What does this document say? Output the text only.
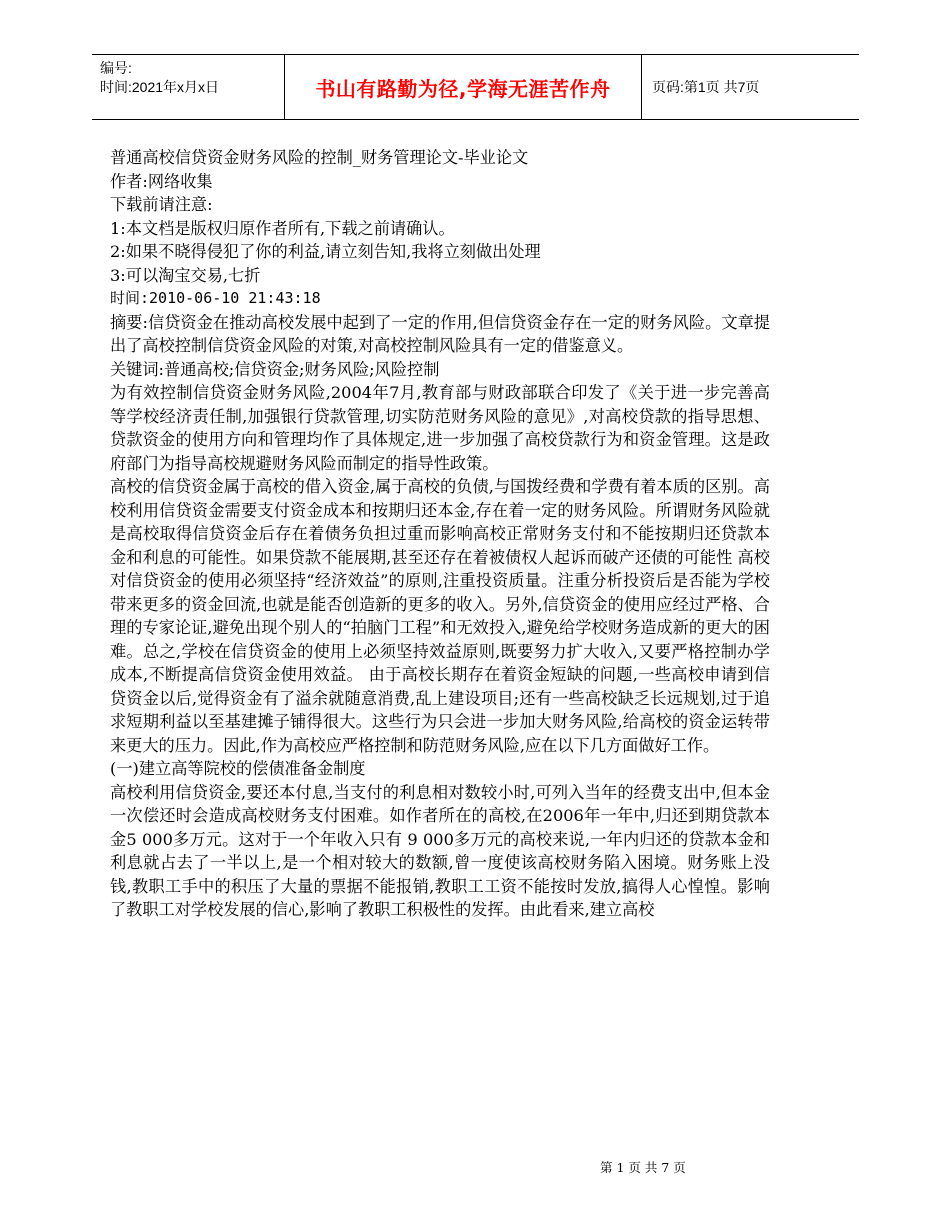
编号:
时间:2021年x月x日	书山有路勤为径,学海无涯苦作舟	页码:第1页 共7页

普通高校信贷资金财务风险的控制_财务管理论文-毕业论文

作者:网络收集

下载前请注意:

1:本文档是版权归原作者所有,下载之前请确认。

2:如果不晓得侵犯了你的利益,请立刻告知,我将立刻做出处理

3:可以淘宝交易,七折

时间:2010-06-10 21:43:18

摘要:信贷资金在推动高校发展中起到了一定的作用,但信贷资金存在一定的财务风险。文章提出了高校控制信贷资金风险的对策,对高校控制风险具有一定的借鉴意义。

关键词:普通高校;信贷资金;财务风险;风险控制

为有效控制信贷资金财务风险,2004年7月,教育部与财政部联合印发了《关于进一步完善高等学校经济责任制,加强银行贷款管理,切实防范财务风险的意见》,对高校贷款的指导思想、贷款资金的使用方向和管理均作了具体规定,进一步加强了高校贷款行为和资金管理。这是政府部门为指导高校规避财务风险而制定的指导性政策。

高校的信贷资金属于高校的借入资金,属于高校的负债,与国拨经费和学费有着本质的区别。高校利用信贷资金需要支付资金成本和按期归还本金,存在着一定的财务风险。所谓财务风险就是高校取得信贷资金后存在着债务负担过重而影响高校正常财务支付和不能按期归还贷款本金和利息的可能性。如果贷款不能展期,甚至还存在着被债权人起诉而破产还债的可能性 高校对信贷资金的使用必须坚持“经济效益”的原则,注重投资质量。注重分析投资后是否能为学校带来更多的资金回流,也就是能否创造新的更多的收入。另外,信贷资金的使用应经过严格、合理的专家论证,避免出现个别人的“拍脑门工程”和无效投入,避免给学校财务造成新的更大的困难。总之,学校在信贷资金的使用上必须坚持效益原则,既要努力扩大收入,又要严格控制办学成本,不断提高信贷资金使用效益。 由于高校长期存在着资金短缺的问题,一些高校申请到信贷资金以后,觉得资金有了溢余就随意消费,乱上建设项目;还有一些高校缺乏长远规划,过于追求短期利益以至基建摊子铺得很大。这些行为只会进一步加大财务风险,给高校的资金运转带来更大的压力。因此,作为高校应严格控制和防范财务风险,应在以下几方面做好工作。

(一)建立高等院校的偿债准备金制度

高校利用信贷资金,要还本付息,当支付的利息相对数较小时,可列入当年的经费支出中,但本金一次偿还时会造成高校财务支付困难。如作者所在的高校,在2006年一年中,归还到期贷款本金5 000多万元。这对于一个年收入只有 9 000多万元的高校来说,一年内归还的贷款本金和利息就占去了一半以上,是一个相对较大的数额,曾一度使该高校财务陷入困境。财务账上没钱,教职工手中的积压了大量的票据不能报销,教职工工资不能按时发放,搞得人心惶惶。影响了教职工对学校发展的信心,影响了教职工积极性的发挥。由此看来,建立高校

第 1 页 共 7 页
